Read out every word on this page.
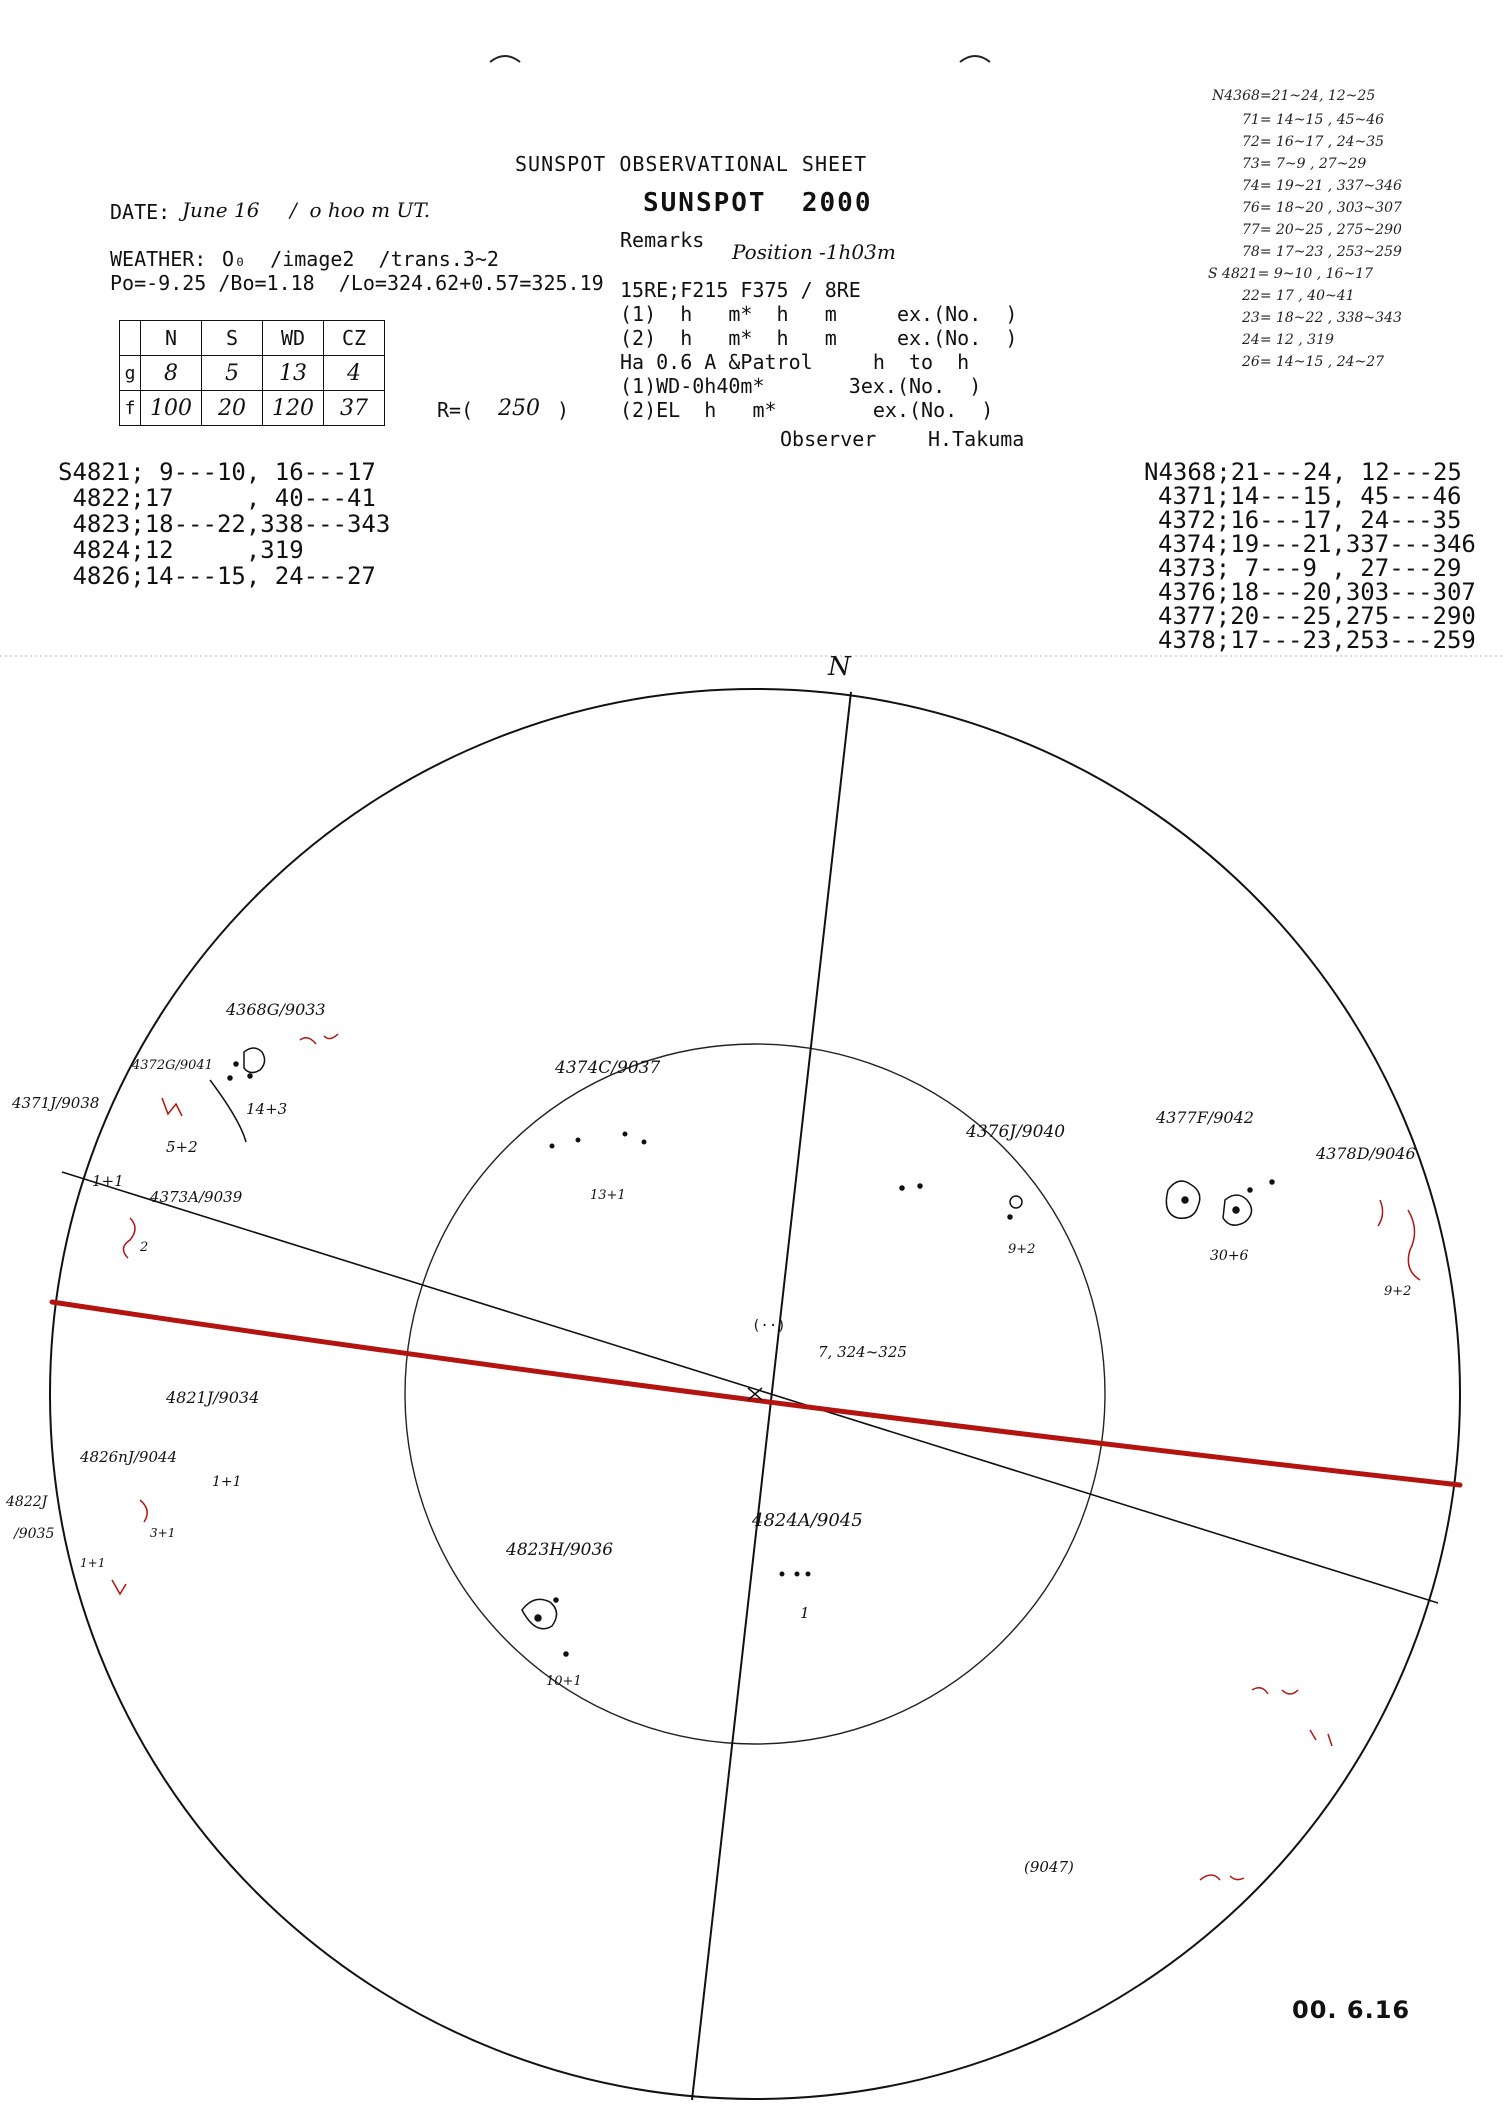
SUNSPOT OBSERVATIONAL SHEET
SUNSPOT  2000
DATE: June 16 /  o hoo m UT.
Remarks Position -1h03m
WEATHER: O₀  /image2  /trans.3~2
Po=-9.25 /Bo=1.18  /Lo=324.62+0.57=325.19 15RE;F215 F375 / 8RE
(1)  h   m*  h   m     ex.(No.  )
(2)  h   m*  h   m     ex.(No.  )
Ha 0.6 A &Patrol     h  to  h
(1)WD-0h40m*       3ex.(No.  )
(2)EL  h   m*        ex.(No.  )
Observer	H.Takuma
	N	S	WD	CZ
g	8	5	13	4
f	100	20	120	37	R=( 250 )
S4821; 9---10, 16---17
4822;17     , 40---41
4823;18---22,338---343
4824;12     ,319
4826;14---15, 24---27
N4368;21---24, 12---25
4371;14---15, 45---46
4372;16---17, 24---35
4374;19---21,337---346
4373; 7---9 , 27---29
4376;18---20,303---307
4377;20---25,275---290
4378;17---23,253---259
N4368=21~24, 12~25
71= 14~15 , 45~46
72= 16~17 , 24~35
73= 7~9 , 27~29
74= 19~21 , 337~346
76= 18~20 , 303~307
77= 20~25 , 275~290
78= 17~23 , 253~259
S 4821= 9~10 , 16~17
22= 17 , 40~41
23= 18~22 , 338~343
24= 12 , 319
26= 14~15 , 24~27
N
(··)
7, 324~325
4368G/9033
4372G/9041
4371J/9038	14+3
5+2
1+1
4373A/9039
2
4374C/9037
13+1
4376J/9040
9+2
4377F/9042
30+6
4378D/9046
9+2
4821J/9034
4826nJ/9044
1+1
3+1
4822J
/9035
1+1
4824A/9045
1
4823H/9036
10+1
(9047)
00. 6.16
